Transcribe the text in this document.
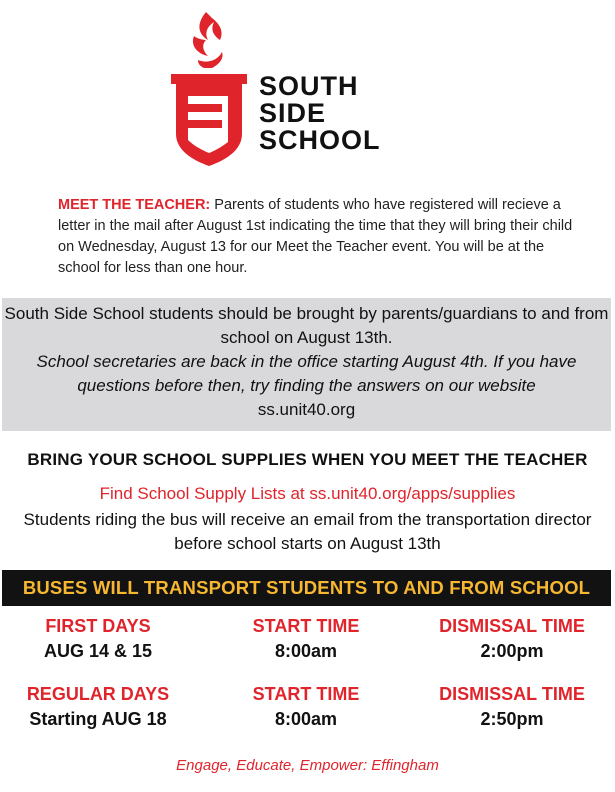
SOUTH
SIDE
SCHOOL
MEET THE TEACHER: Parents of students who have registered will recieve a letter in the mail after August 1st indicating the time that they will bring their child on Wednesday, August 13 for our Meet the Teacher event. You will be at the school for less than one hour.
South Side School students should be brought by parents/guardians to and from school on August 13th.
School secretaries are back in the office starting August 4th. If you have questions before then, try finding the answers on our website
ss.unit40.org
BRING YOUR SCHOOL SUPPLIES WHEN YOU MEET THE TEACHER
Find School Supply Lists at ss.unit40.org/apps/supplies
Students riding the bus will receive an email from the transportation director before school starts on August 13th
BUSES WILL TRANSPORT STUDENTS TO AND FROM SCHOOL
FIRST DAYS
AUG 14 & 15
START TIME
8:00am
DISMISSAL TIME
2:00pm
REGULAR DAYS
Starting AUG 18
START TIME
8:00am
DISMISSAL TIME
2:50pm
Engage, Educate, Empower: Effingham
